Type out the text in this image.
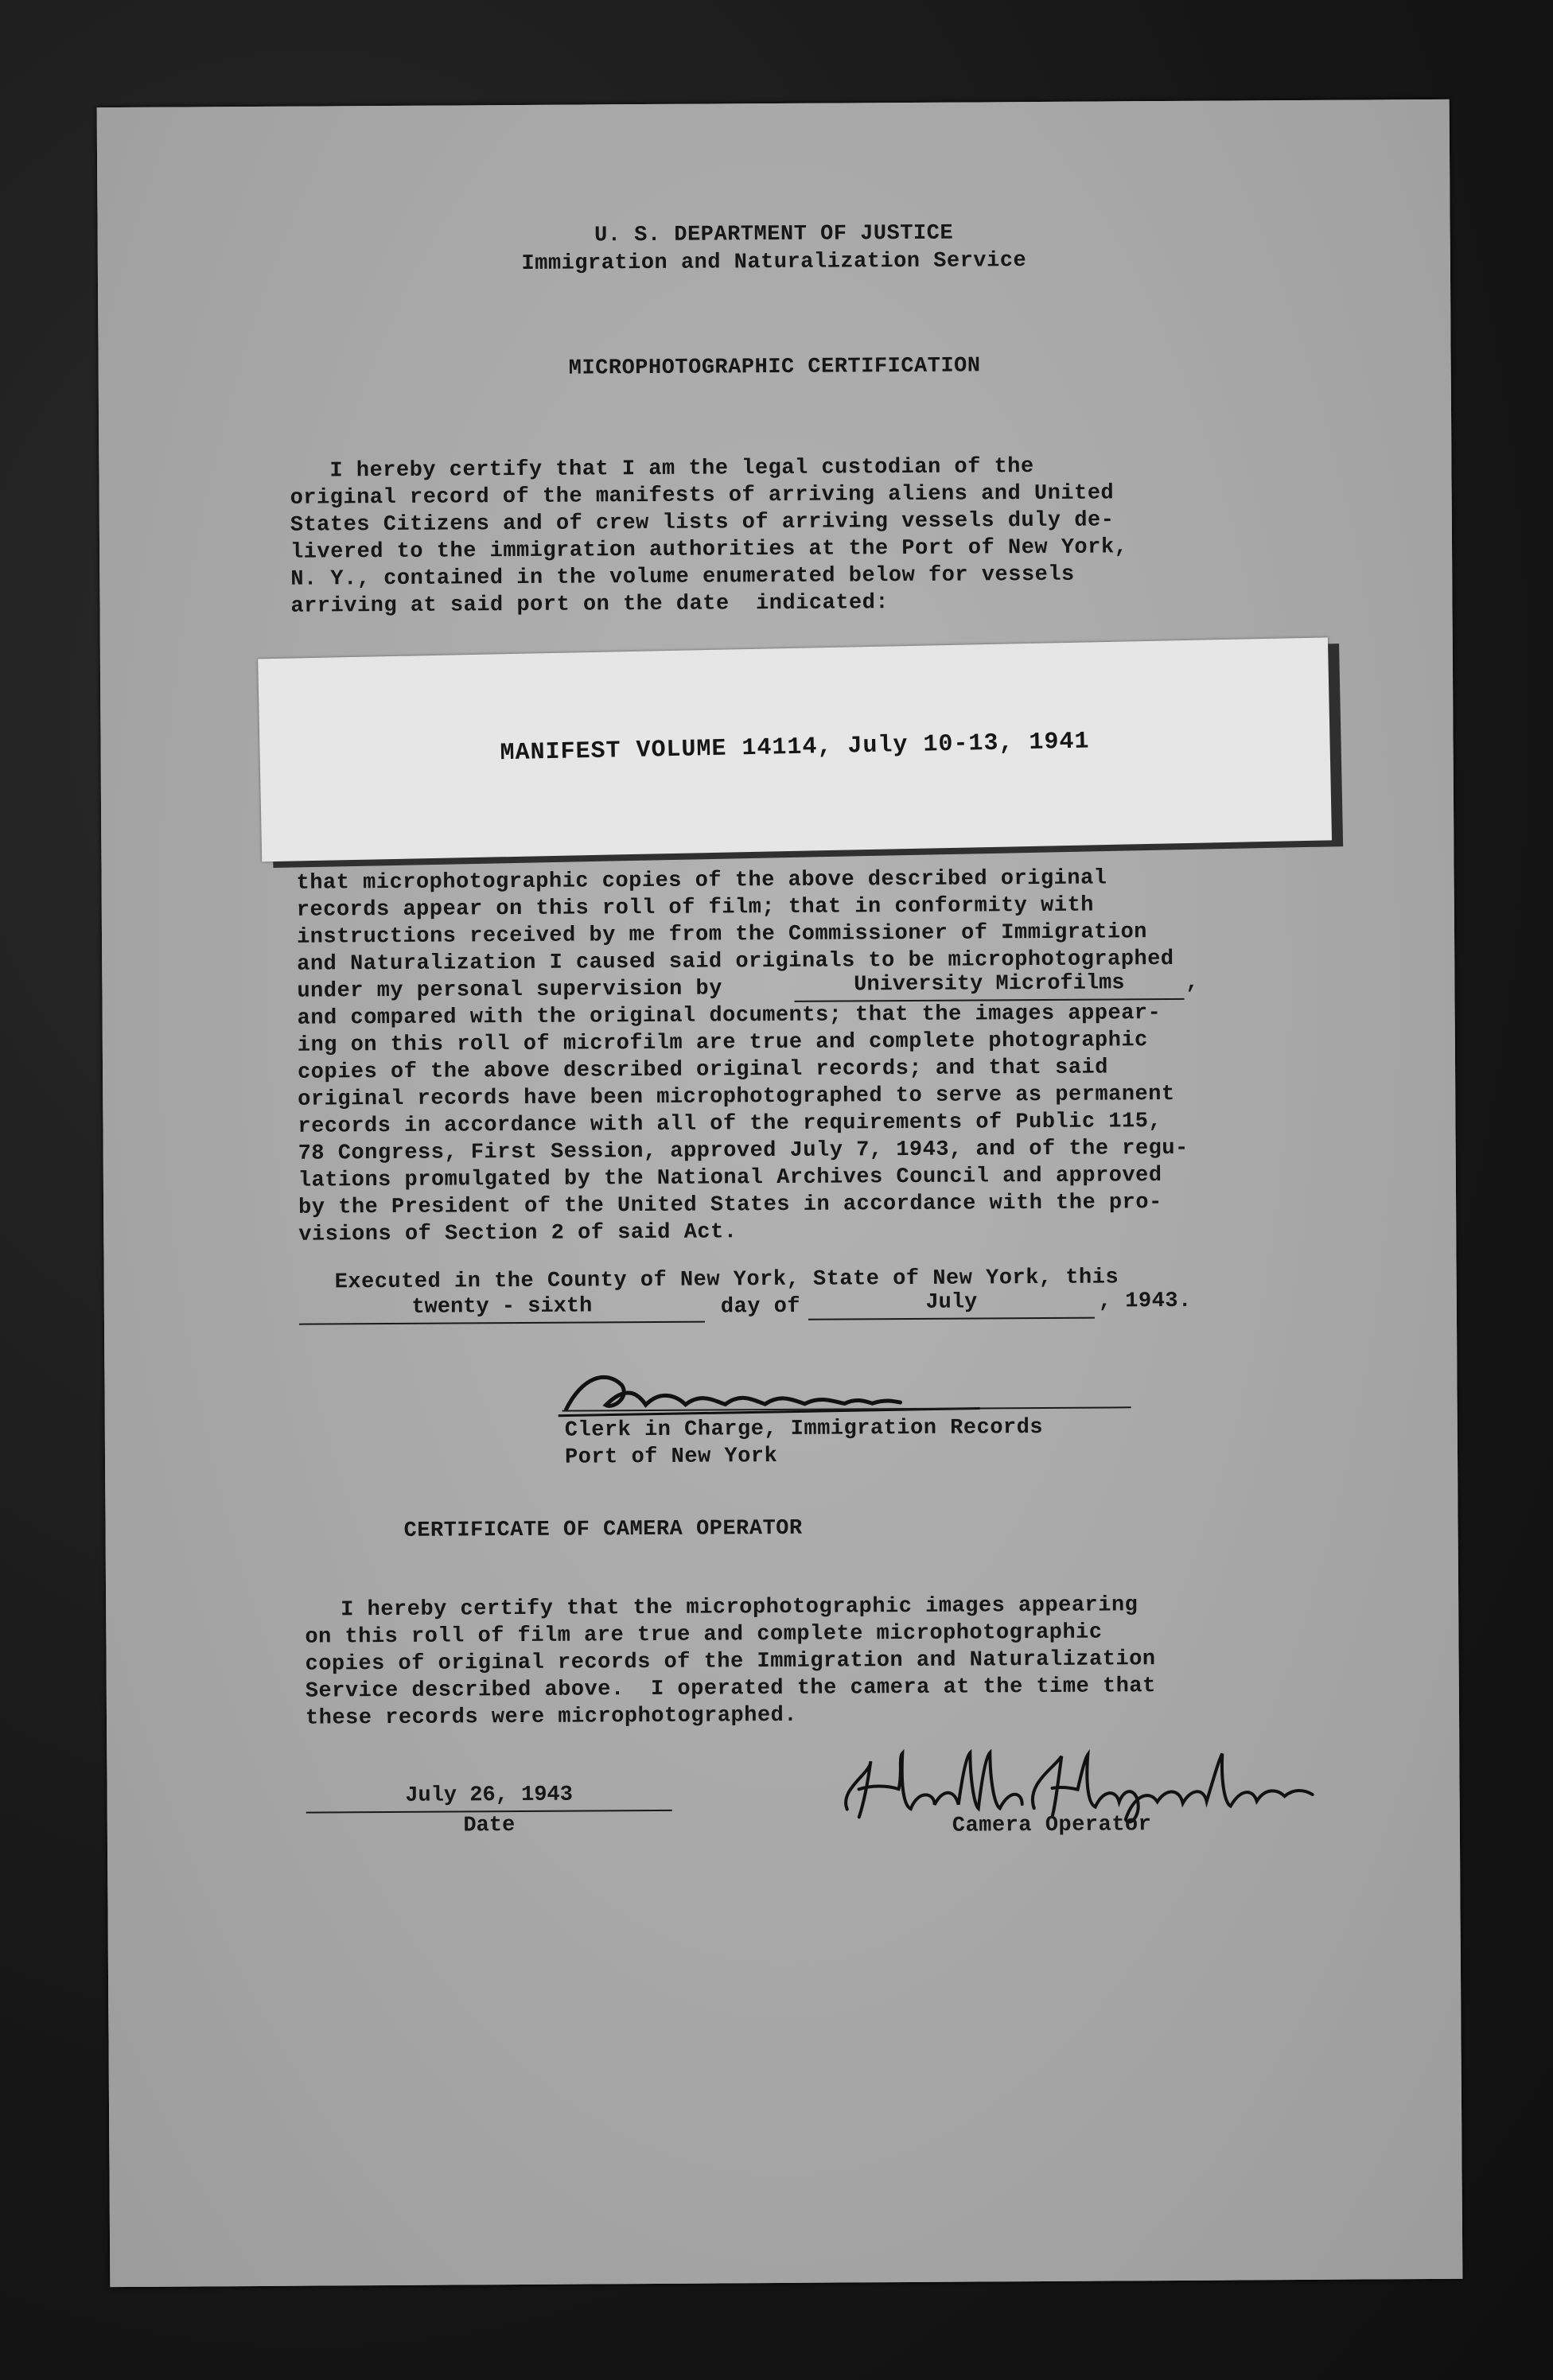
U. S. DEPARTMENT OF JUSTICE
Immigration and Naturalization Service
MICROPHOTOGRAPHIC CERTIFICATION
I hereby certify that I am the legal custodian of the
original record of the manifests of arriving aliens and United
States Citizens and of crew lists of arriving vessels duly de-
livered to the immigration authorities at the Port of New York,
N. Y., contained in the volume enumerated below for vessels
arriving at said port on the date  indicated:
MANIFEST VOLUME 14114, July 10-13, 1941
that microphotographic copies of the above described original
records appear on this roll of film; that in conformity with
instructions received by me from the Commissioner of Immigration
and Naturalization I caused said originals to be microphotographed
under my personal supervision by	University Microfilms	,
and compared with the original documents; that the images appear-
ing on this roll of microfilm are true and complete photographic
copies of the above described original records; and that said
original records have been microphotographed to serve as permanent
records in accordance with all of the requirements of Public 115,
78 Congress, First Session, approved July 7, 1943, and of the regu-
lations promulgated by the National Archives Council and approved
by the President of the United States in accordance with the pro-
visions of Section 2 of said Act.
Executed in the County of New York, State of New York, this
twenty - sixth	day of	July	, 1943.
Clerk in Charge, Immigration Records
Port of New York
CERTIFICATE OF CAMERA OPERATOR
I hereby certify that the microphotographic images appearing
on this roll of film are true and complete microphotographic
copies of original records of the Immigration and Naturalization
Service described above.  I operated the camera at the time that
these records were microphotographed.
July 26, 1943
Date	Camera Operator
